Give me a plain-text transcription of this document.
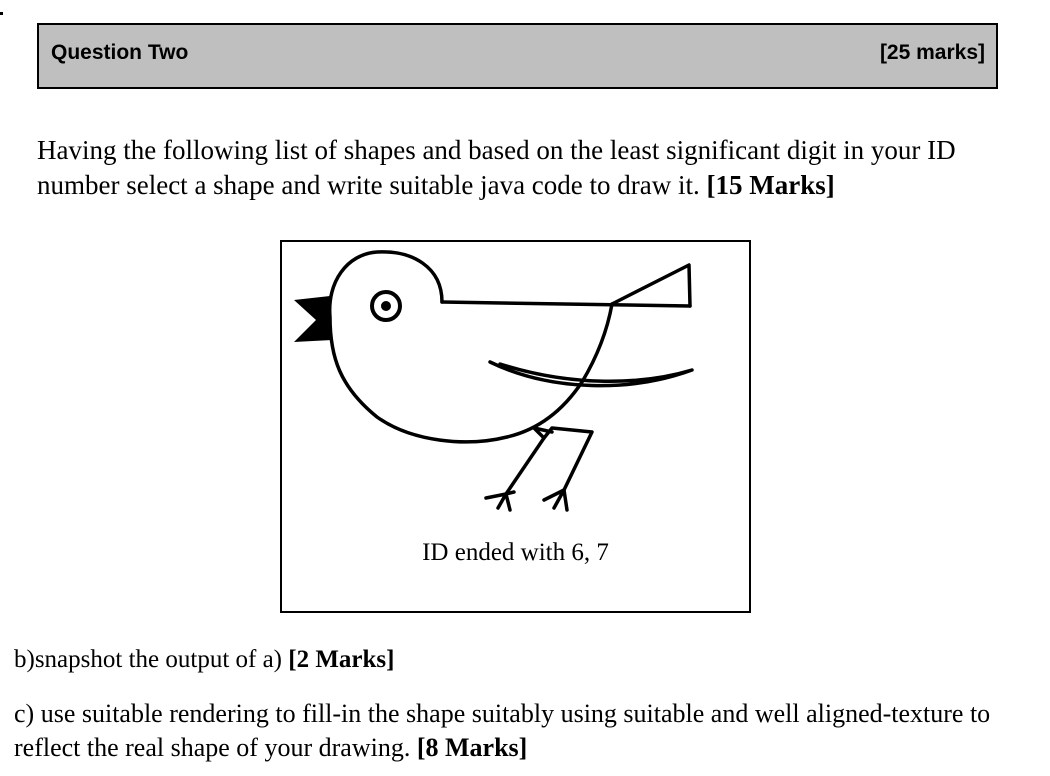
Question Two	[25 marks]

Having the following list of shapes and based on the least significant digit in your ID number select a shape and write suitable java code to draw it. [15 Marks]

ID ended with 6, 7

b)snapshot the output of a) [2 Marks]

c) use suitable rendering to fill-in the shape suitably using suitable and well aligned-texture to reflect the real shape of your drawing. [8 Marks]
